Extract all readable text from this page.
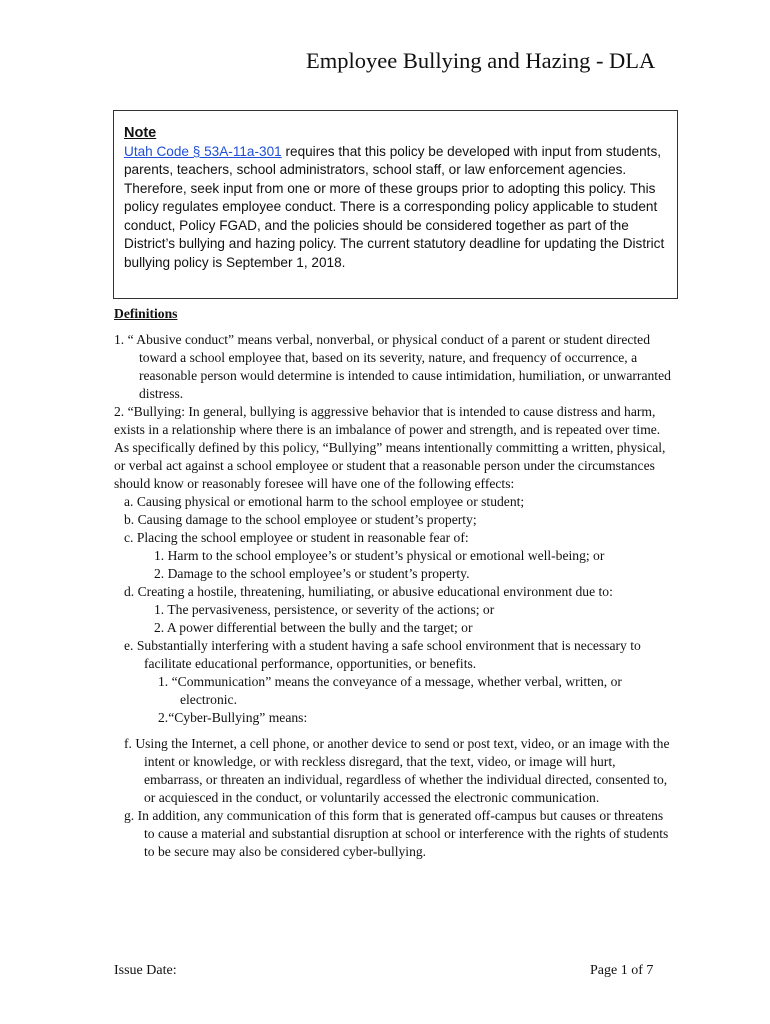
Employee Bullying and Hazing - DLA
Note
Utah Code § 53A-11a-301 requires that this policy be developed with input from students, parents, teachers, school administrators, school staff, or law enforcement agencies. Therefore, seek input from one or more of these groups prior to adopting this policy. This policy regulates employee conduct. There is a corresponding policy applicable to student conduct, Policy FGAD, and the policies should be considered together as part of the District’s bullying and hazing policy. The current statutory deadline for updating the District bullying policy is September 1, 2018.
Definitions

1. “ Abusive conduct” means verbal, nonverbal, or physical conduct of a parent or student directed toward a school employee that, based on its severity, nature, and frequency of occurrence, a reasonable person would determine is intended to cause intimidation, humiliation, or unwarranted distress.

2. “Bullying: In general, bullying is aggressive behavior that is intended to cause distress and harm, exists in a relationship where there is an imbalance of power and strength, and is repeated over time. As specifically defined by this policy, “Bullying” means intentionally committing a written, physical, or verbal act against a school employee or student that a reasonable person under the circumstances should know or reasonably foresee will have one of the following effects:

a. Causing physical or emotional harm to the school employee or student;

b. Causing damage to the school employee or student’s property;

c. Placing the school employee or student in reasonable fear of:

1. Harm to the school employee’s or student’s physical or emotional well-being; or

2. Damage to the school employee’s or student’s property.

d. Creating a hostile, threatening, humiliating, or abusive educational environment due to:

1. The pervasiveness, persistence, or severity of the actions; or

2. A power differential between the bully and the target; or

e. Substantially interfering with a student having a safe school environment that is necessary to facilitate educational performance, opportunities, or benefits.

1. “Communication” means the conveyance of a message, whether verbal, written, or electronic.

2.“Cyber-Bullying” means:

f. Using the Internet, a cell phone, or another device to send or post text, video, or an image with the intent or knowledge, or with reckless disregard, that the text, video, or image will hurt, embarrass, or threaten an individual, regardless of whether the individual directed, consented to, or acquiesced in the conduct, or voluntarily accessed the electronic communication.

g. In addition, any communication of this form that is generated off-campus but causes or threatens to cause a material and substantial disruption at school or interference with the rights of students to be secure may also be considered cyber-bullying.

Issue Date:	Page 1 of 7
